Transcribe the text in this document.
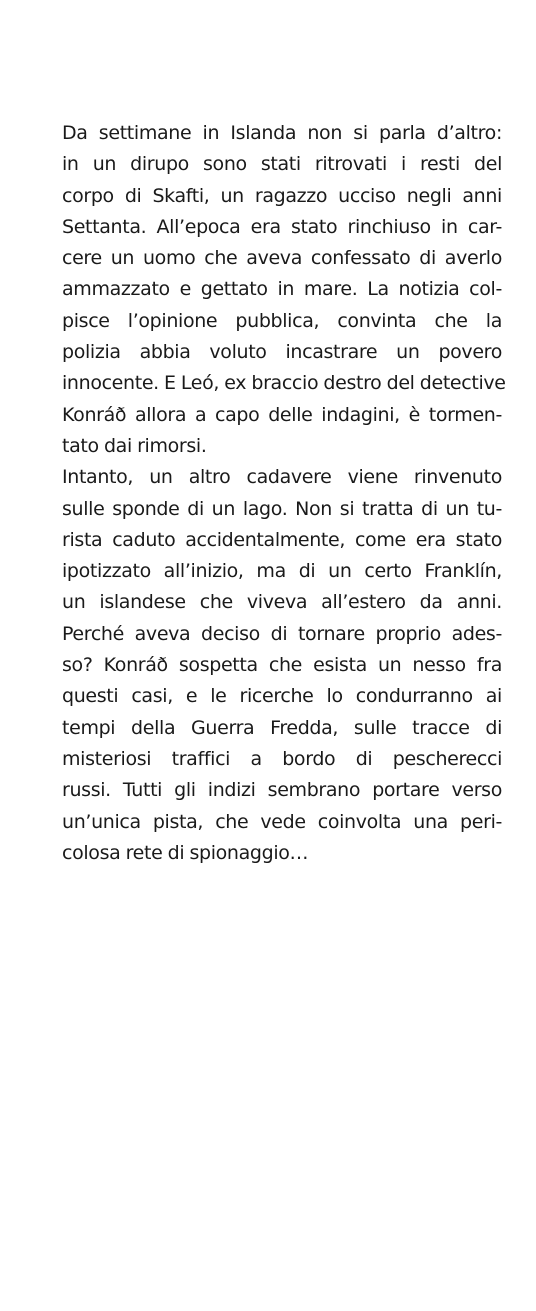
Da settimane in Islanda non si parla d’altro:
in un dirupo sono stati ritrovati i resti del
corpo di Skafti, un ragazzo ucciso negli anni
Settanta. All’epoca era stato rinchiuso in car-
cere un uomo che aveva confessato di averlo
ammazzato e gettato in mare. La notizia col-
pisce l’opinione pubblica, convinta che la
polizia abbia voluto incastrare un povero
innocente. E Leó, ex braccio destro del detective
Konráð allora a capo delle indagini, è tormen-
tato dai rimorsi.
Intanto, un altro cadavere viene rinvenuto
sulle sponde di un lago. Non si tratta di un tu-
rista caduto accidentalmente, come era stato
ipotizzato all’inizio, ma di un certo Franklín,
un islandese che viveva all’estero da anni.
Perché aveva deciso di tornare proprio ades-
so? Konráð sospetta che esista un nesso fra
questi casi, e le ricerche lo condurranno ai
tempi della Guerra Fredda, sulle tracce di
misteriosi traffici a bordo di pescherecci
russi. Tutti gli indizi sembrano portare verso
un’unica pista, che vede coinvolta una peri-
colosa rete di spionaggio…
